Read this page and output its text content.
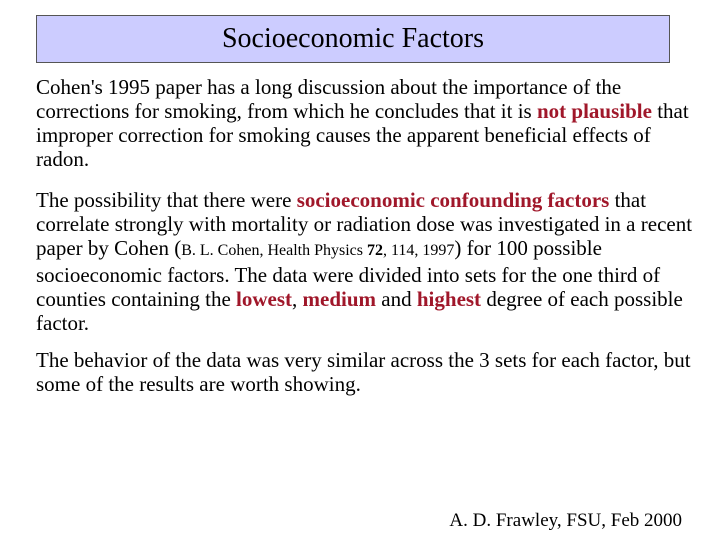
Socioeconomic Factors

Cohen's 1995 paper has a long discussion about the importance of the corrections for smoking, from which he concludes that it is not plausible that improper correction for smoking causes the apparent beneficial effects of radon.

The possibility that there were socioeconomic confounding factors that correlate strongly with mortality or radiation dose was investigated in a recent paper by Cohen (B. L. Cohen, Health Physics 72, 114, 1997) for 100 possible socioeconomic factors. The data were divided into sets for the one third of counties containing the lowest, medium and highest degree of each possible factor.

The behavior of the data was very similar across the 3 sets for each factor, but some of the results are worth showing.

A. D. Frawley, FSU, Feb 2000
